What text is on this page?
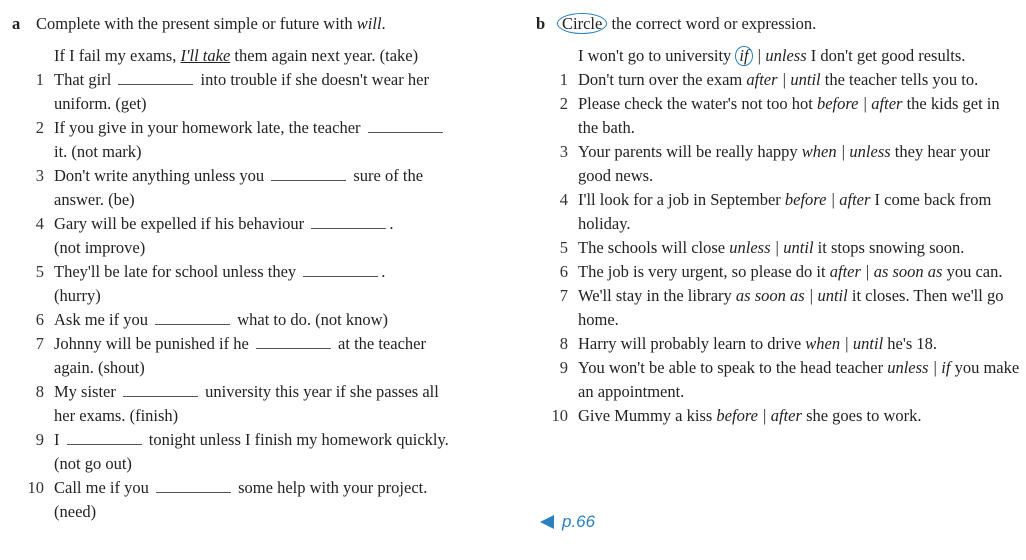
a Complete with the present simple or future with will.
If I fail my exams, I'll take them again next year. (take)
1 That girl	into trouble if she doesn't wear her
uniform. (get)
2 If you give in your homework late, the teacher
it. (not mark)
3 Don't write anything unless you	sure of the
answer. (be)
4 Gary will be expelled if his behaviour	.
(not improve)
5 They'll be late for school unless they	.
(hurry)
6 Ask me if you	what to do. (not know)
7 Johnny will be punished if he	at the teacher
again. (shout)
8 My sister	university this year if she passes all
her exams. (finish)
9 I	tonight unless I finish my homework quickly.
(not go out)
10 Call me if you	some help with your project.
(need)
b	Circle the correct word or expression.
I won't go to university if | unless I don't get good results.
1 Don't turn over the exam after | until the teacher tells you to.
2 Please check the water's not too hot before | after the kids get in the bath.
3 Your parents will be really happy when | unless they hear your good news.
4 I'll look for a job in September before | after I come back from holiday.
5 The schools will close unless | until it stops snowing soon.
6 The job is very urgent, so please do it after | as soon as you can.
7 We'll stay in the library as soon as | until it closes. Then we'll go home.
8 Harry will probably learn to drive when | until he's 18.
9 You won't be able to speak to the head teacher unless | if you make an appointment.
10 Give Mummy a kiss before | after she goes to work.
p.66
